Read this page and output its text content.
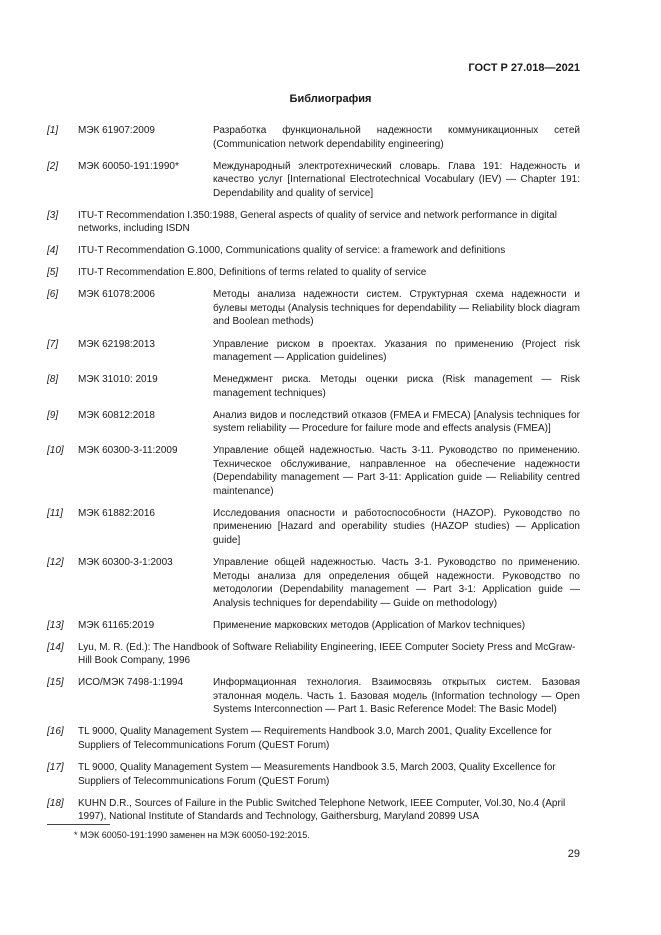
ГОСТ Р 27.018—2021
Библиография
[1] МЭК 61907:2009	Разработка функциональной надежности коммуникационных сетей (Communication network dependability engineering)
[2] МЭК 60050-191:1990*	Международный электротехнический словарь. Глава 191: Надежность и качество услуг [International Electrotechnical Vocabulary (IEV) — Chapter 191: Dependability and quality of service]
[3] ITU-T Recommendation I.350:1988, General aspects of quality of service and network performance in digital networks, including ISDN
[4] ITU-T Recommendation G.1000, Communications quality of service: a framework and definitions
[5] ITU-T Recommendation E.800, Definitions of terms related to quality of service
[6] МЭК 61078:2006	Методы анализа надежности систем. Структурная схема надежности и булевы методы (Analysis techniques for dependability — Reliability block diagram and Boolean methods)
[7] МЭК 62198:2013	Управление риском в проектах. Указания по применению (Project risk management — Application guidelines)
[8] МЭК 31010: 2019	Менеджмент риска. Методы оценки риска (Risk management — Risk management techniques)
[9] МЭК 60812:2018	Анализ видов и последствий отказов (FMEA и FMECA) [Analysis techniques for system reliability — Procedure for failure mode and effects analysis (FMEA)]
[10] МЭК 60300-3-11:2009	Управление общей надежностью. Часть 3-11. Руководство по применению. Техническое обслуживание, направленное на обеспечение надежности (Dependability management — Part 3-11: Application guide — Reliability centred maintenance)
[11] МЭК 61882:2016	Исследования опасности и работоспособности (HAZOP). Руководство по применению [Hazard and operability studies (HAZOP studies) — Application guide]
[12] МЭК 60300-3-1:2003	Управление общей надежностью. Часть 3-1. Руководство по применению. Методы анализа для определения общей надежности. Руководство по методологии (Dependability management — Part 3-1: Application guide — Analysis techniques for dependability — Guide on methodology)
[13] МЭК 61165:2019	Применение марковских методов (Application of Markov techniques)
[14] Lyu, M. R. (Ed.): The Handbook of Software Reliability Engineering, IEEE Computer Society Press and McGraw-Hill Book Company, 1996
[15] ИСО/МЭК 7498-1:1994	Информационная технология. Взаимосвязь открытых систем. Базовая эталонная модель. Часть 1. Базовая модель (Information technology — Open Systems Interconnection — Part 1. Basic Reference Model: The Basic Model)
[16] TL 9000, Quality Management System — Requirements Handbook 3.0, March 2001, Quality Excellence for Suppliers of Telecommunications Forum (QuEST Forum)
[17] TL 9000, Quality Management System — Measurements Handbook 3.5, March 2003, Quality Excellence for Suppliers of Telecommunications Forum (QuEST Forum)
[18] KUHN D.R., Sources of Failure in the Public Switched Telephone Network, IEEE Computer, Vol.30, No.4 (April 1997), National Institute of Standards and Technology, Gaithersburg, Maryland 20899 USA
* МЭК 60050-191:1990 заменен на МЭК 60050-192:2015.
29
